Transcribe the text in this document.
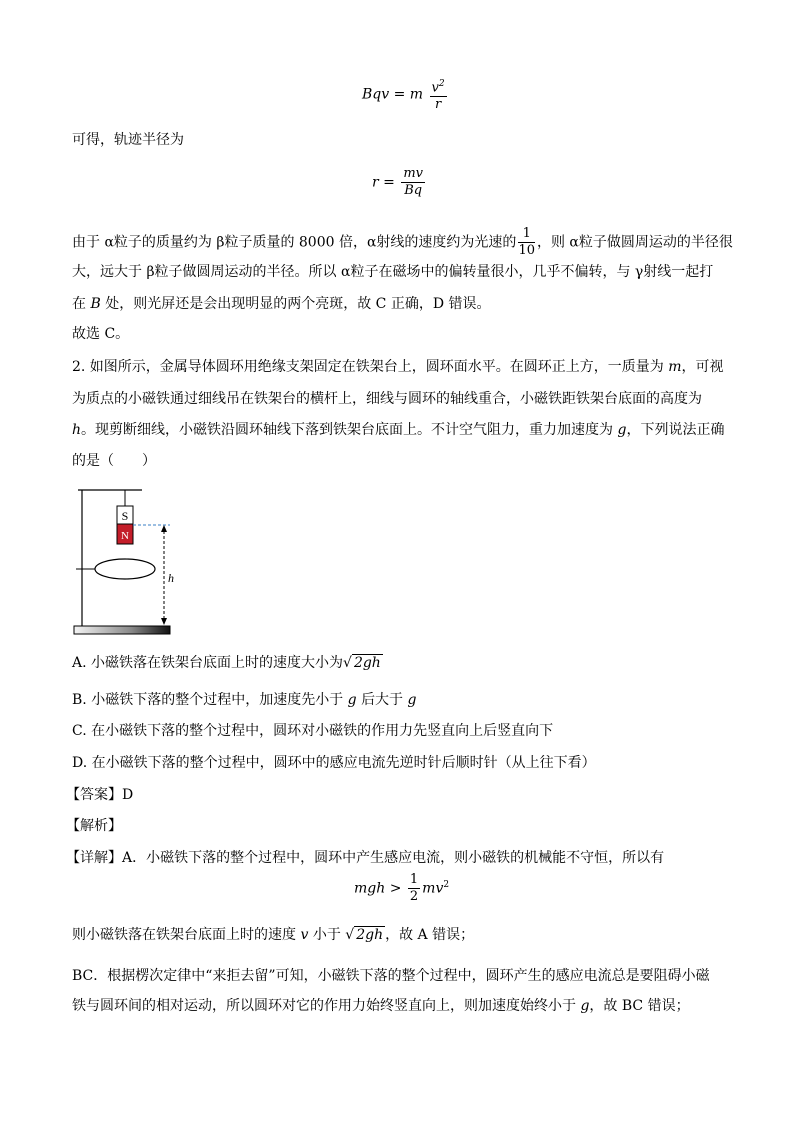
Bqv = m $\frac{v^2}{r}$
可得，轨迹半径为
$r = \frac{mv}{Bq}$
由于 α粒子的质量约为 β粒子质量的 8000 倍，α射线的速度约为光速的 $\frac{1}{10}$ ，则 α粒子做圆周运动的半径很
大，远大于 β粒子做圆周运动的半径。所以 α粒子在磁场中的偏转量很小，几乎不偏转，与 γ射线一起打
在 B 处，则光屏还是会出现明显的两个亮斑，故 C 正确，D 错误。
故选 C。
2. 如图所示，金属导体圆环用绝缘支架固定在铁架台上，圆环面水平。在圆环正上方，一质量为 m，可视
为质点的小磁铁通过细线吊在铁架台的横杆上，细线与圆环的轴线重合，小磁铁距铁架台底面的高度为
h。现剪断细线，小磁铁沿圆环轴线下落到铁架台底面上。不计空气阻力，重力加速度为 g，下列说法正确
的是（　　）
S
N
h
A. 小磁铁落在铁架台底面上时的速度大小为√ 2gh
B. 小磁铁下落的整个过程中，加速度先小于 g 后大于 g
C. 在小磁铁下落的整个过程中，圆环对小磁铁的作用力先竖直向上后竖直向下
D. 在小磁铁下落的整个过程中，圆环中的感应电流先逆时针后顺时针（从上往下看）
【答案】D
【解析】
【详解】A．小磁铁下落的整个过程中，圆环中产生感应电流，则小磁铁的机械能不守恒，所以有
mgh > $\frac{1}{2} mv^2$
则小磁铁落在铁架台底面上时的速度 v 小于 √ 2gh ，故 A 错误；
BC．根据楞次定律中“来拒去留”可知，小磁铁下落的整个过程中，圆环产生的感应电流总是要阻碍小磁
铁与圆环间的相对运动，所以圆环对它的作用力始终竖直向上，则加速度始终小于 g，故 BC 错误；
